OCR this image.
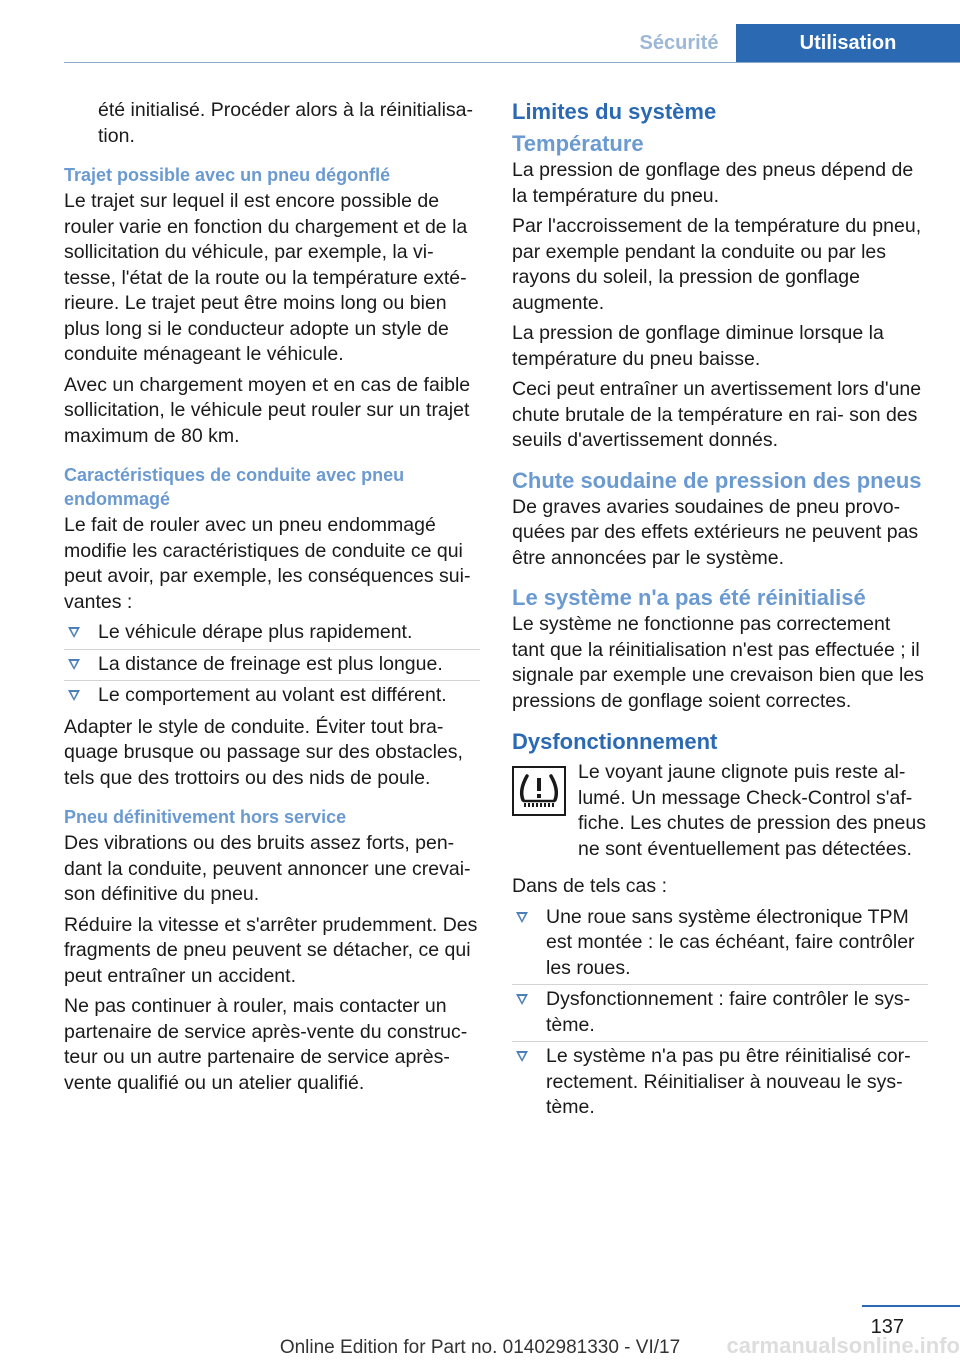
Sécurité	Utilisation

été initialisé. Procéder alors à la réinitialisa‐ tion.

Trajet possible avec un pneu dégonflé

Le trajet sur lequel il est encore possible de rouler varie en fonction du chargement et de la sollicitation du véhicule, par exemple, la vi‐ tesse, l'état de la route ou la température exté‐ rieure. Le trajet peut être moins long ou bien plus long si le conducteur adopte un style de conduite ménageant le véhicule.

Avec un chargement moyen et en cas de faible sollicitation, le véhicule peut rouler sur un trajet maximum de 80 km.

Caractéristiques de conduite avec pneu endommagé

Le fait de rouler avec un pneu endommagé modifie les caractéristiques de conduite ce qui peut avoir, par exemple, les conséquences sui‐ vantes :

Le véhicule dérape plus rapidement.
La distance de freinage est plus longue.
Le comportement au volant est différent.

Adapter le style de conduite. Éviter tout bra‐ quage brusque ou passage sur des obstacles, tels que des trottoirs ou des nids de poule.

Pneu définitivement hors service

Des vibrations ou des bruits assez forts, pen‐ dant la conduite, peuvent annoncer une crevai‐ son définitive du pneu.

Réduire la vitesse et s'arrêter prudemment. Des fragments de pneu peuvent se détacher, ce qui peut entraîner un accident.

Ne pas continuer à rouler, mais contacter un partenaire de service après-vente du construc‐ teur ou un autre partenaire de service après- vente qualifié ou un atelier qualifié.

Limites du système
Température

La pression de gonflage des pneus dépend de la température du pneu.

Par l'accroissement de la température du pneu, par exemple pendant la conduite ou par les rayons du soleil, la pression de gonflage augmente.

La pression de gonflage diminue lorsque la température du pneu baisse.

Ceci peut entraîner un avertissement lors d'une chute brutale de la température en rai‐ son des seuils d'avertissement donnés.

Chute soudaine de pression des pneus

De graves avaries soudaines de pneu provo‐ quées par des effets extérieurs ne peuvent pas être annoncées par le système.

Le système n'a pas été réinitialisé

Le système ne fonctionne pas correctement tant que la réinitialisation n'est pas effectuée ; il signale par exemple une crevaison bien que les pressions de gonflage soient correctes.

Dysfonctionnement

Le voyant jaune clignote puis reste al‐ lumé. Un message Check-Control s'af‐ fiche. Les chutes de pression des pneus ne sont éventuellement pas détectées.

Dans de tels cas :

Une roue sans système électronique TPM est montée : le cas échéant, faire contrôler les roues.
Dysfonctionnement : faire contrôler le sys‐ tème.
Le système n'a pas pu être réinitialisé cor‐ rectement. Réinitialiser à nouveau le sys‐ tème.
137
Online Edition for Part no. 01402981330 - VI/17	carmanualsonline.info
